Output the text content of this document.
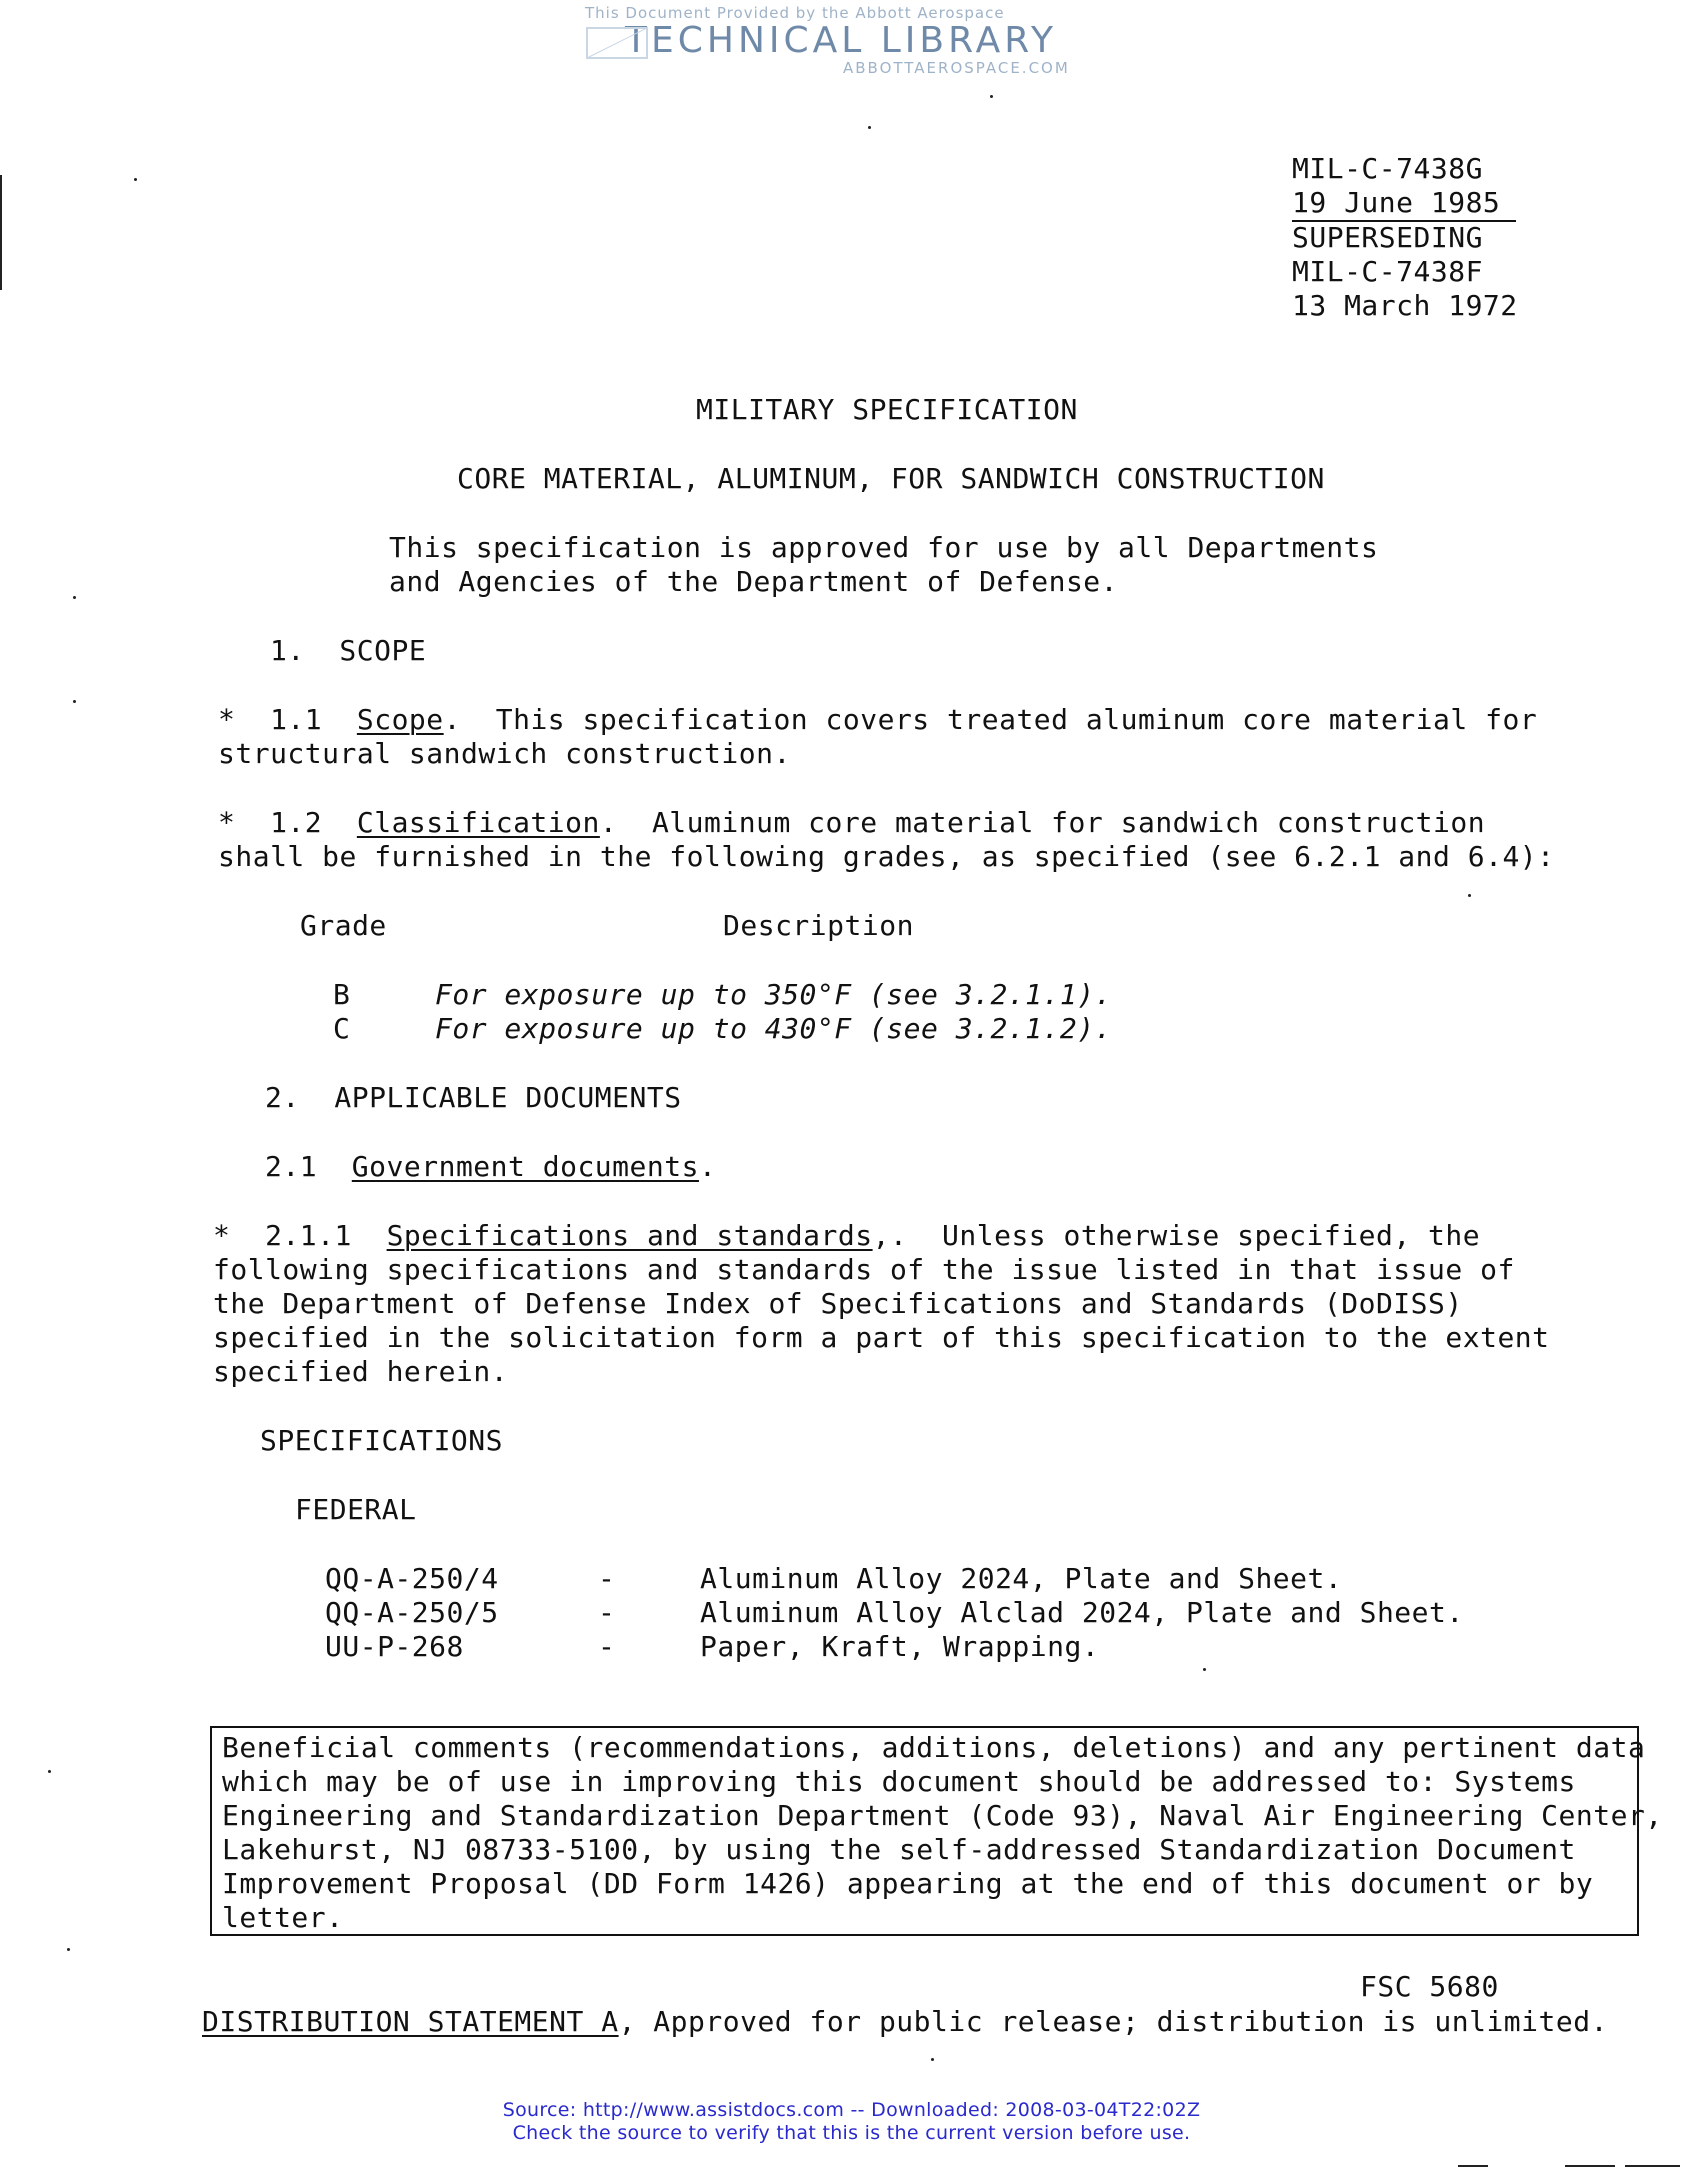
This Document Provided by the Abbott Aerospace
TECHNICAL LIBRARY
ABBOTTAEROSPACE.COM
MIL-C-7438G
19 June 1985
SUPERSEDING
MIL-C-7438F
13 March 1972
MILITARY SPECIFICATION
CORE MATERIAL, ALUMINUM, FOR SANDWICH CONSTRUCTION
This specification is approved for use by all Departments
and Agencies of the Department of Defense.
1.  SCOPE
*  1.1  Scope.  This specification covers treated aluminum core material for
structural sandwich construction.
*  1.2  Classification.  Aluminum core material for sandwich construction
shall be furnished in the following grades, as specified (see 6.2.1 and 6.4):
Grade	Description
B	For exposure up to 350°F (see 3.2.1.1).
C	For exposure up to 430°F (see 3.2.1.2).
2.  APPLICABLE DOCUMENTS
2.1  Government documents.
*  2.1.1  Specifications and standards,.  Unless otherwise specified, the
following specifications and standards of the issue listed in that issue of
the Department of Defense Index of Specifications and Standards (DoDISS)
specified in the solicitation form a part of this specification to the extent
specified herein.
SPECIFICATIONS
FEDERAL
QQ-A-250/4	-	Aluminum Alloy 2024, Plate and Sheet.
QQ-A-250/5	-	Aluminum Alloy Alclad 2024, Plate and Sheet.
UU-P-268	-	Paper, Kraft, Wrapping.
Beneficial comments (recommendations, additions, deletions) and any pertinent data
which may be of use in improving this document should be addressed to: Systems
Engineering and Standardization Department (Code 93), Naval Air Engineering Center,
Lakehurst, NJ 08733-5100, by using the self-addressed Standardization Document
Improvement Proposal (DD Form 1426) appearing at the end of this document or by
letter.
FSC 5680
DISTRIBUTION STATEMENT A, Approved for public release; distribution is unlimited.
Source: http://www.assistdocs.com -- Downloaded: 2008-03-04T22:02Z
Check the source to verify that this is the current version before use.
